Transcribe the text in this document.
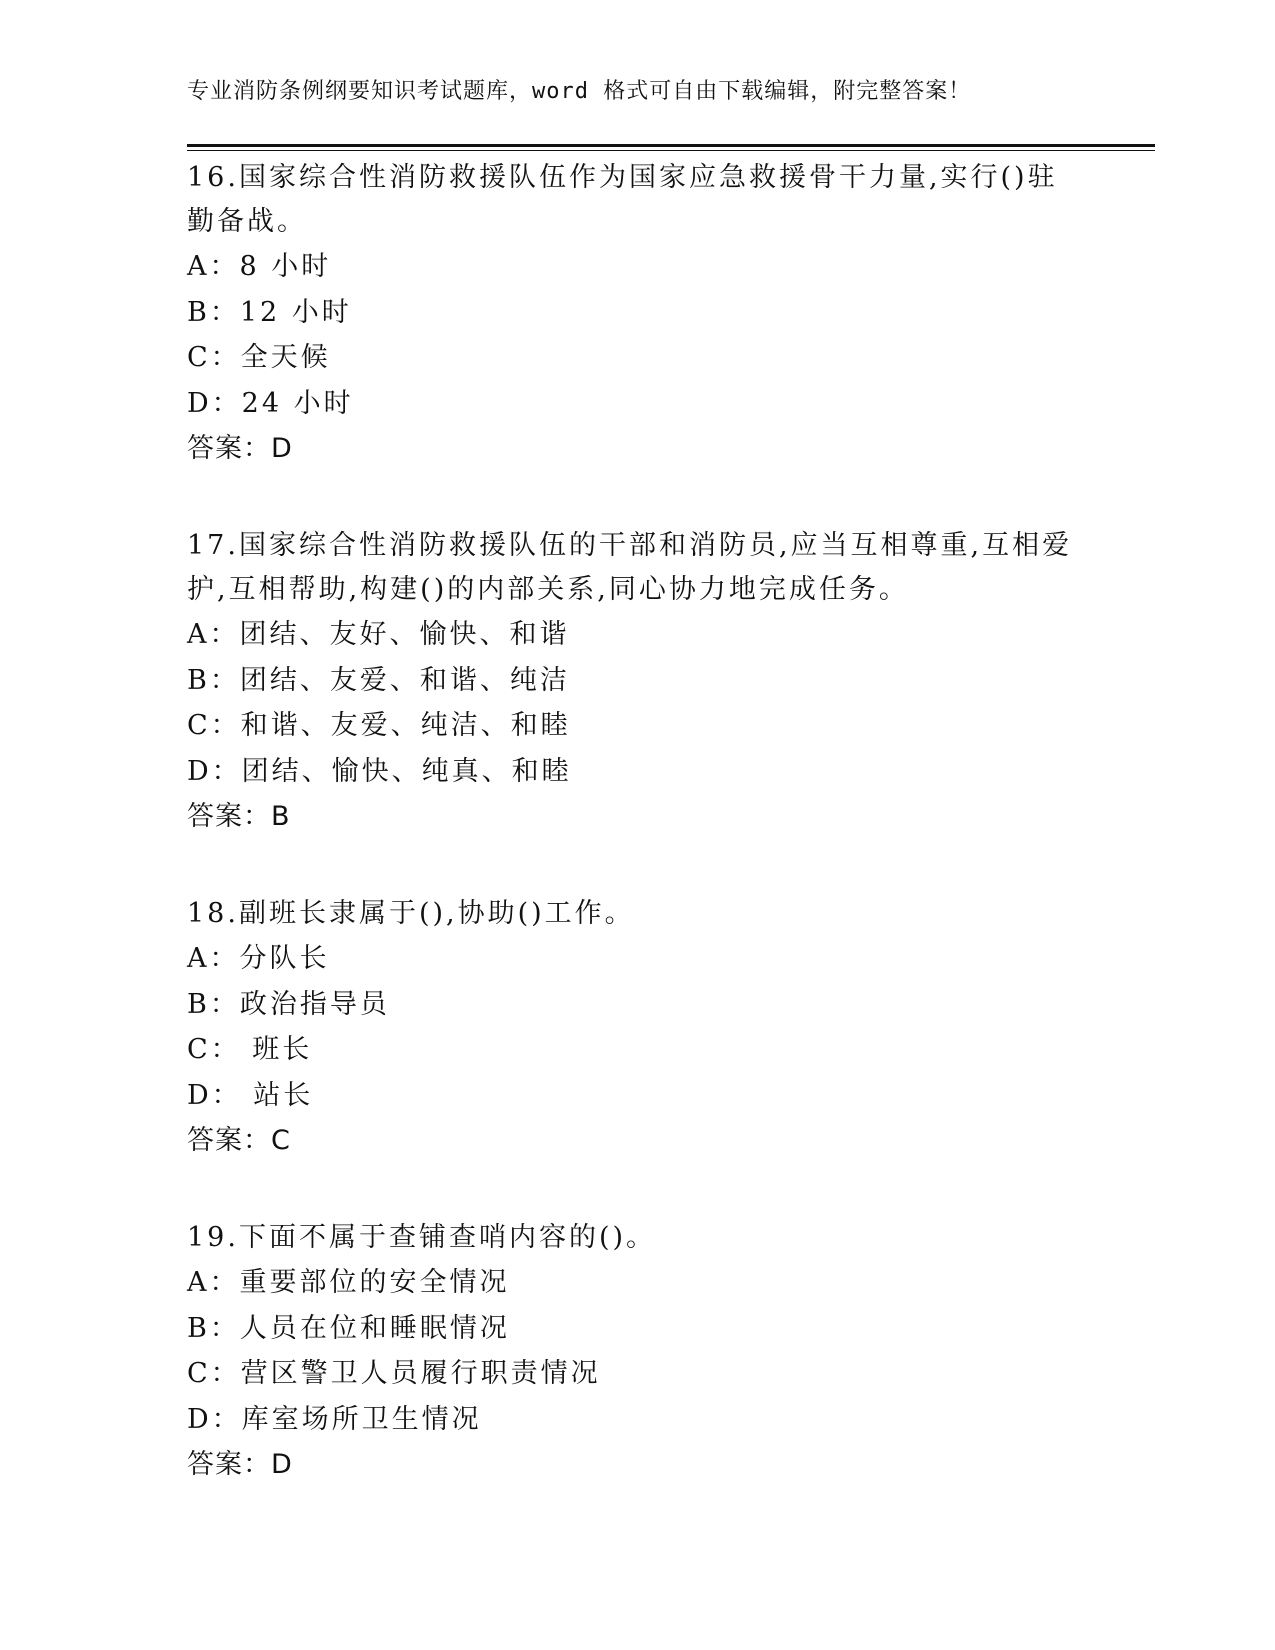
专业消防条例纲要知识考试题库，word 格式可自由下载编辑，附完整答案！

16.国家综合性消防救援队伍作为国家应急救援骨干力量,实行()驻勤备战。

A：8 小时

B：12 小时

C：全天候

D：24 小时

答案：D

17.国家综合性消防救援队伍的干部和消防员,应当互相尊重,互相爱护,互相帮助,构建()的内部关系,同心协力地完成任务。

A：团结、友好、愉快、和谐

B：团结、友爱、和谐、纯洁

C：和谐、友爱、纯洁、和睦

D：团结、愉快、纯真、和睦

答案：B

18.副班长隶属于(),协助()工作。

A：分队长

B：政治指导员

C： 班长

D： 站长

答案：C

19.下面不属于查铺查哨内容的()。

A：重要部位的安全情况

B：人员在位和睡眠情况

C：营区警卫人员履行职责情况

D：库室场所卫生情况

答案：D
